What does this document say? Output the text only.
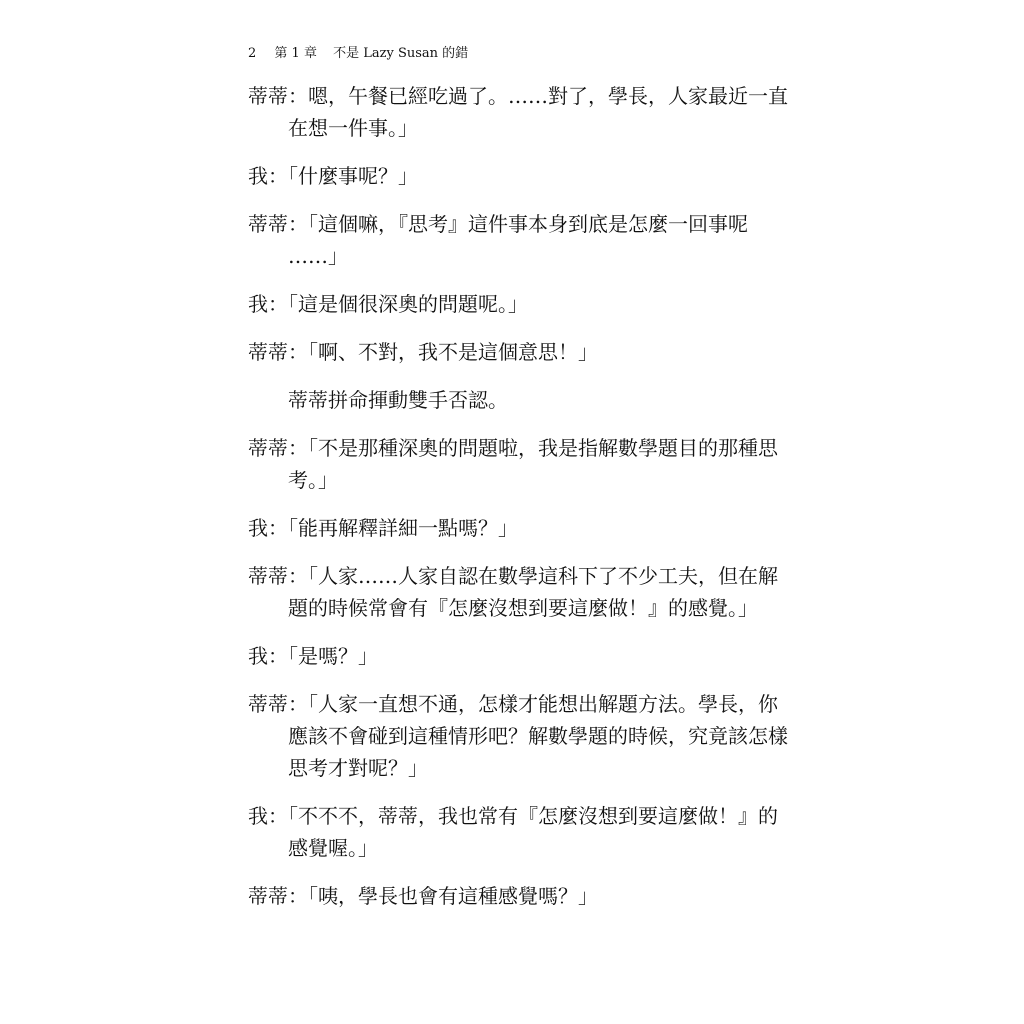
2 第 1 章 不是 Lazy Susan 的錯

蒂蒂：嗯，午餐已經吃過了。……對了，學長，人家最近一直
在想一件事。」

我：「什麼事呢？」

蒂蒂：「這個嘛，『思考』這件事本身到底是怎麼一回事呢
……」

我：「這是個很深奧的問題呢。」

蒂蒂：「啊、不對，我不是這個意思！」

蒂蒂拼命揮動雙手否認。

蒂蒂：「不是那種深奧的問題啦，我是指解數學題目的那種思
考。」

我：「能再解釋詳細一點嗎？」

蒂蒂：「人家……人家自認在數學這科下了不少工夫，但在解
題的時候常會有『怎麼沒想到要這麼做！』的感覺。」

我：「是嗎？」

蒂蒂：「人家一直想不通，怎樣才能想出解題方法。學長，你
應該不會碰到這種情形吧？解數學題的時候，究竟該怎樣
思考才對呢？」

我：「不不不，蒂蒂，我也常有『怎麼沒想到要這麼做！』的
感覺喔。」

蒂蒂：「咦，學長也會有這種感覺嗎？」
